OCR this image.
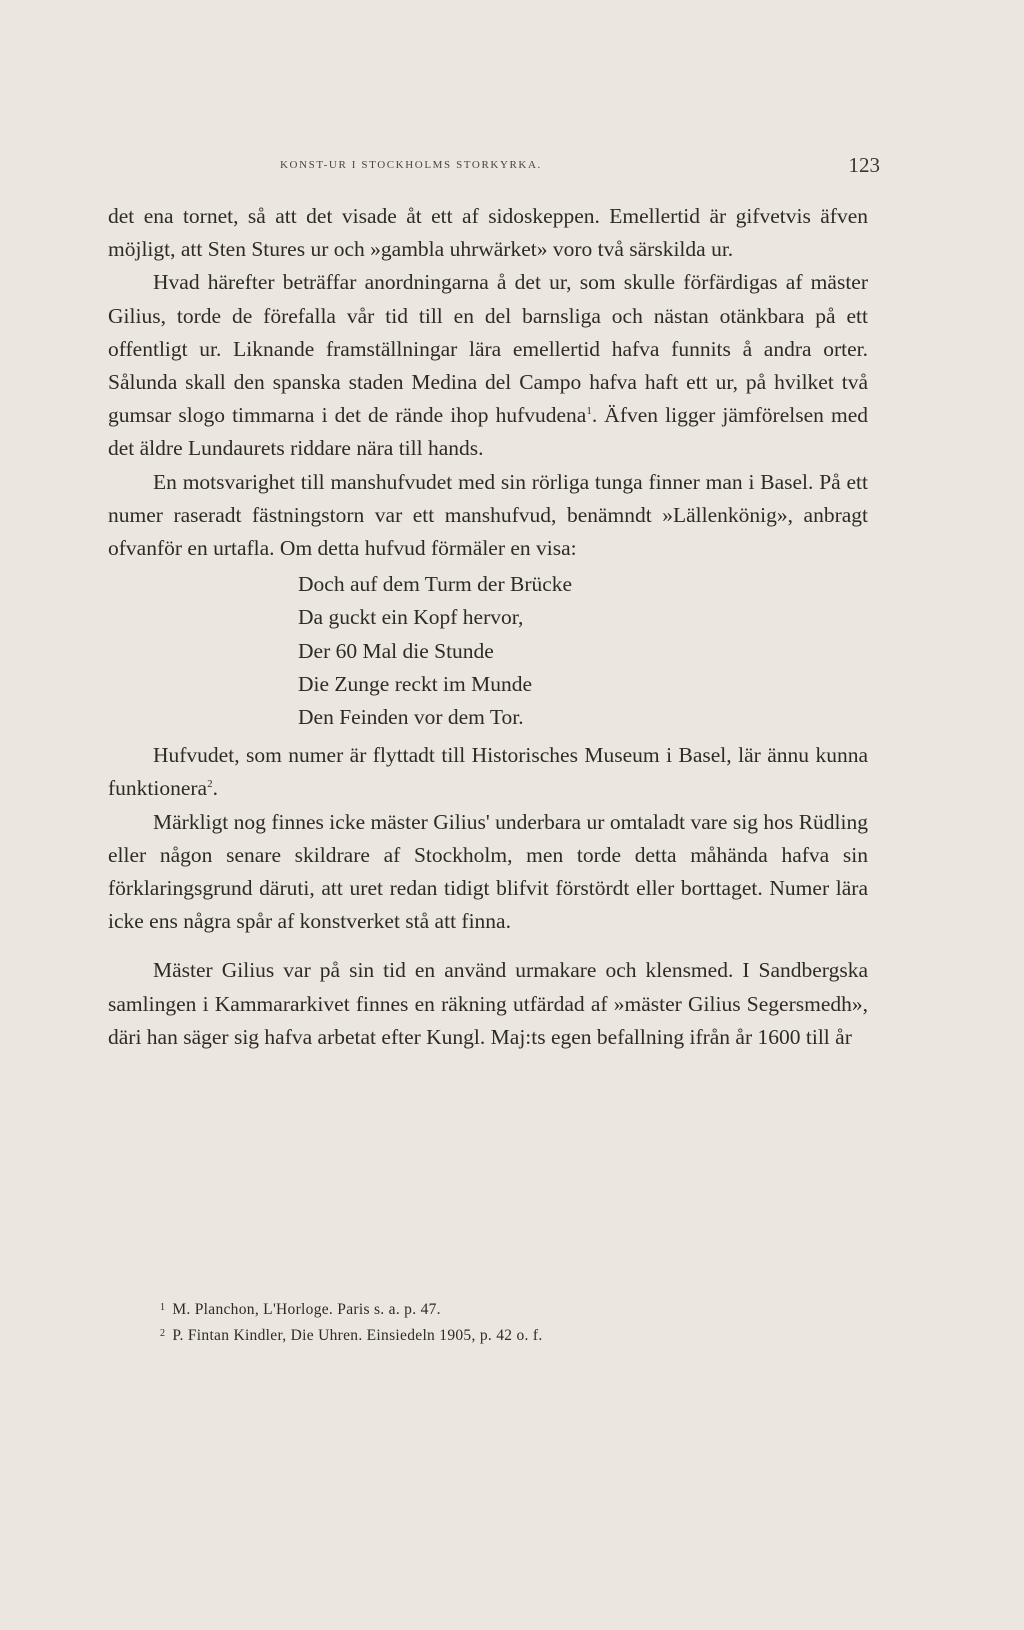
KONST-UR I STOCKHOLMS STORKYRKA.	123

det ena tornet, så att det visade åt ett af sidoskeppen. Emellertid är gifvetvis äfven möjligt, att Sten Stures ur och »gambla uhrwärket» voro två särskilda ur.

Hvad härefter beträffar anordningarna å det ur, som skulle förfärdigas af mäster Gilius, torde de förefalla vår tid till en del barnsliga och nästan otänkbara på ett offentligt ur. Liknande framställningar lära emellertid hafva funnits å andra orter. Sålunda skall den spanska staden Medina del Campo hafva haft ett ur, på hvilket två gumsar slogo timmarna i det de rände ihop hufvudena$^1$. Äfven ligger jämförelsen med det äldre Lundaurets riddare nära till hands.

En motsvarighet till manshufvudet med sin rörliga tunga finner man i Basel. På ett numer raseradt fästningstorn var ett manshufvud, benämndt »Lällenkönig», anbragt ofvanför en urtafla. Om detta hufvud förmäler en visa:

Doch auf dem Turm der Brücke
Da guckt ein Kopf hervor,
Der 60 Mal die Stunde
Die Zunge reckt im Munde
Den Feinden vor dem Tor.

Hufvudet, som numer är flyttadt till Historisches Museum i Basel, lär ännu kunna funktionera$^2$.

Märkligt nog finnes icke mäster Gilius' underbara ur omtaladt vare sig hos Rüdling eller någon senare skildrare af Stockholm, men torde detta måhända hafva sin förklaringsgrund däruti, att uret redan tidigt blifvit förstördt eller borttaget. Numer lära icke ens några spår af konstverket stå att finna.

Mäster Gilius var på sin tid en använd urmakare och klensmed. I Sandbergska samlingen i Kammararkivet finnes en räkning utfärdad af »mäster Gilius Segersmedh», däri han säger sig hafva arbetat efter Kungl. Maj:ts egen befallning ifrån år 1600 till år

$^1$ M. Planchon, L'Horloge. Paris s. a. p. 47.

$^2$ P. Fintan Kindler, Die Uhren. Einsiedeln 1905, p. 42 o. f.
